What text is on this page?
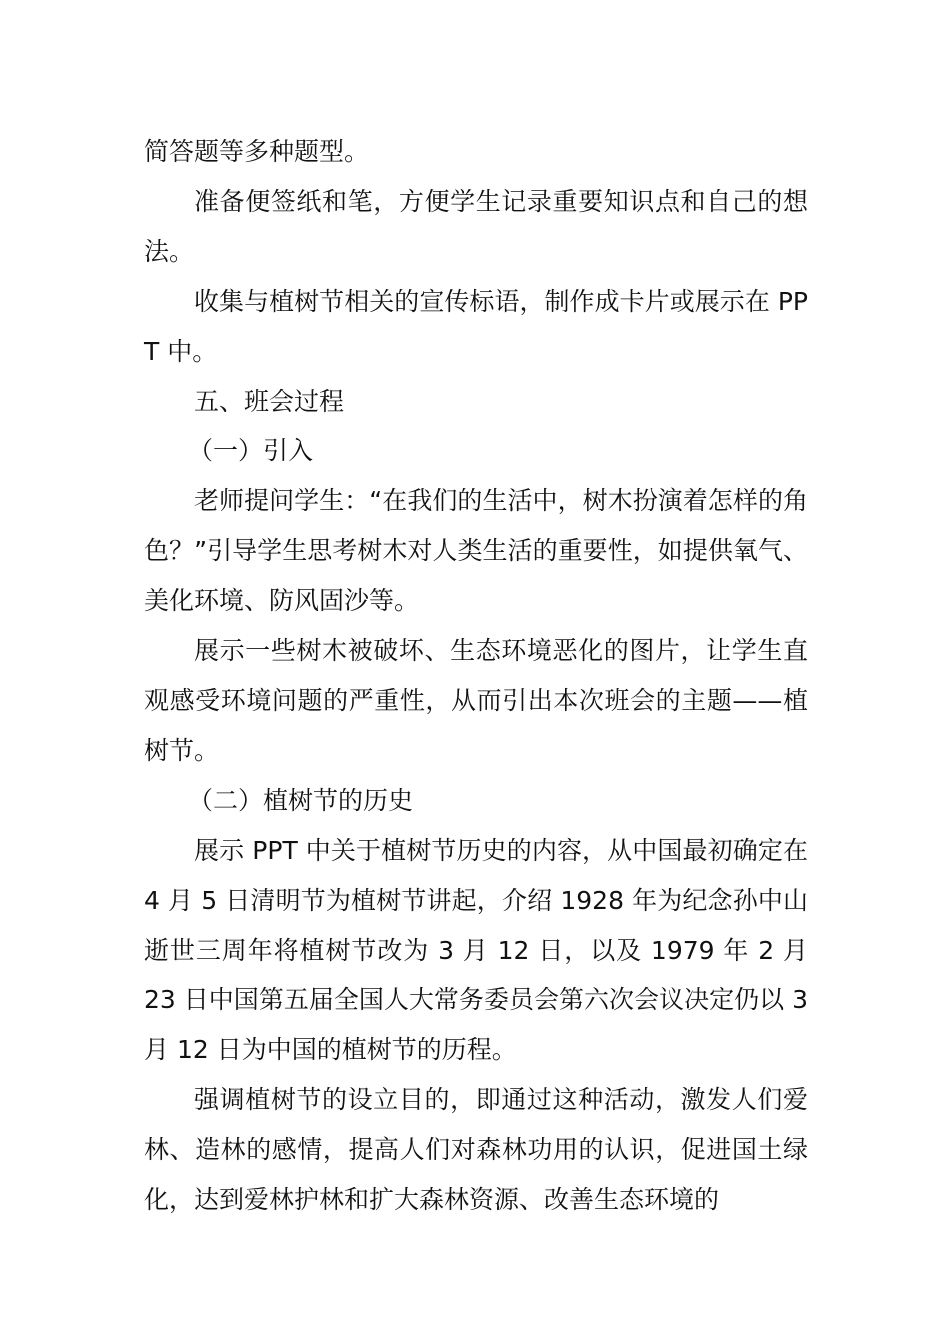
简答题等多种题型。

准备便签纸和笔，方便学生记录重要知识点和自己的想法。

收集与植树节相关的宣传标语，制作成卡片或展示在 PPT 中。

五、班会过程

（一）引入

老师提问学生：“在我们的生活中，树木扮演着怎样的角色？”引导学生思考树木对人类生活的重要性，如提供氧气、美化环境、防风固沙等。

展示一些树木被破坏、生态环境恶化的图片，让学生直观感受环境问题的严重性，从而引出本次班会的主题——植树节。

（二）植树节的历史

展示 PPT 中关于植树节历史的内容，从中国最初确定在 4 月 5 日清明节为植树节讲起，介绍 1928 年为纪念孙中山逝世三周年将植树节改为 3 月 12 日，以及 1979 年 2 月 23 日中国第五届全国人大常务委员会第六次会议决定仍以 3 月 12 日为中国的植树节的历程。

强调植树节的设立目的，即通过这种活动，激发人们爱林、造林的感情，提高人们对森林功用的认识，促进国土绿化，达到爱林护林和扩大森林资源、改善生态环境的
